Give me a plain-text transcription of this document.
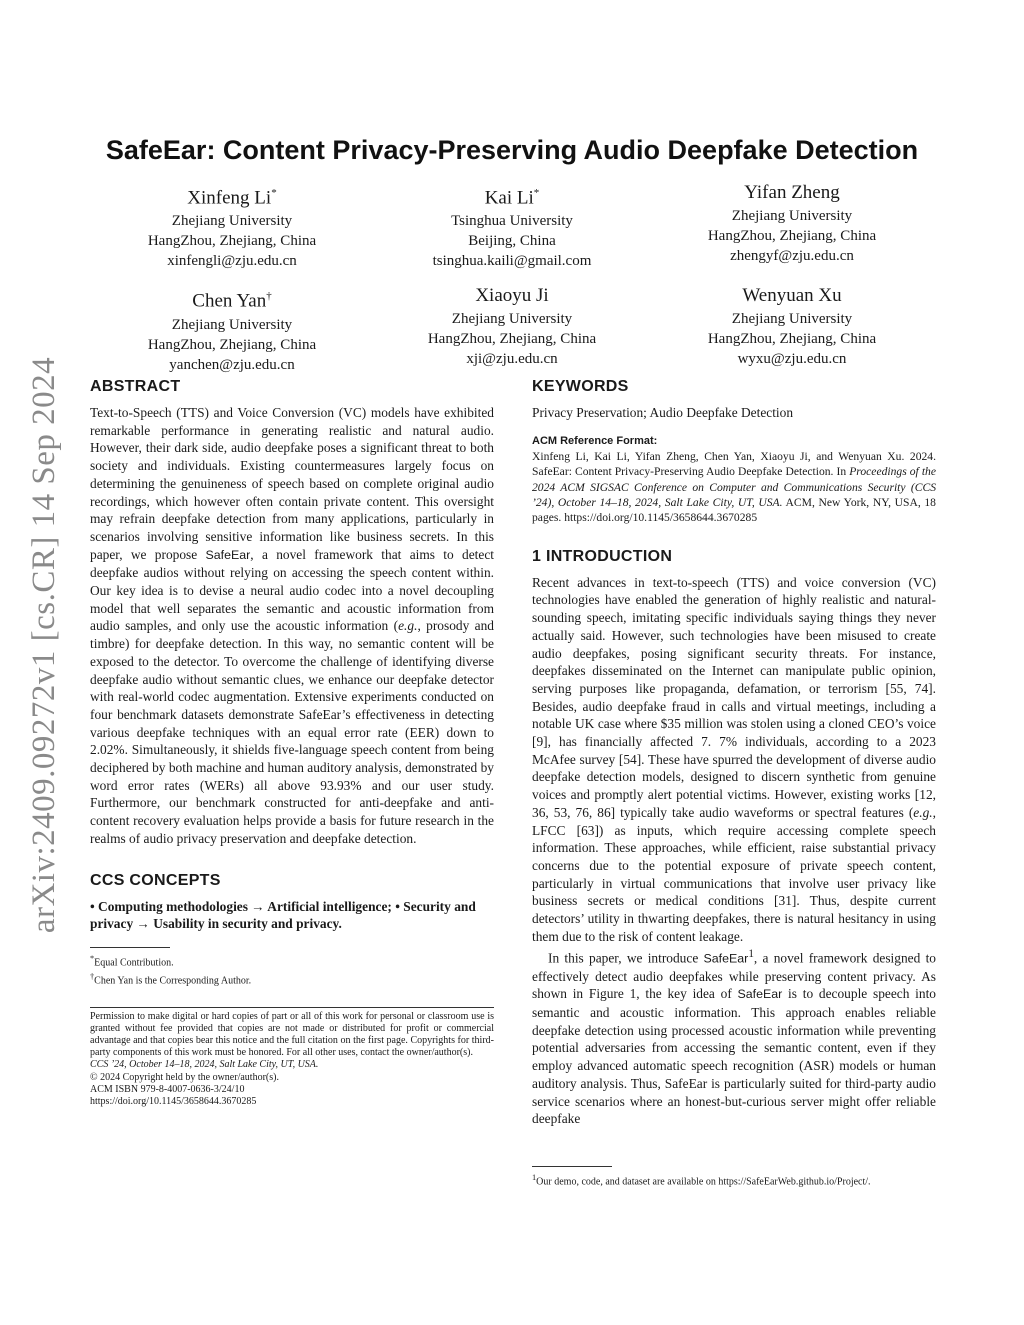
arXiv:2409.09272v1 [cs.CR] 14 Sep 2024
SafeEar: Content Privacy-Preserving Audio Deepfake Detection
Xinfeng Li*
Zhejiang University
HangZhou, Zhejiang, China
xinfengli@zju.edu.cn
Kai Li*
Tsinghua University
Beijing, China
tsinghua.kaili@gmail.com
Yifan Zheng
Zhejiang University
HangZhou, Zhejiang, China
zhengyf@zju.edu.cn
Chen Yan†
Zhejiang University
HangZhou, Zhejiang, China
yanchen@zju.edu.cn
Xiaoyu Ji
Zhejiang University
HangZhou, Zhejiang, China
xji@zju.edu.cn
Wenyuan Xu
Zhejiang University
HangZhou, Zhejiang, China
wyxu@zju.edu.cn
ABSTRACT

Text-to-Speech (TTS) and Voice Conversion (VC) models have exhibited remarkable performance in generating realistic and natural audio. However, their dark side, audio deepfake poses a significant threat to both society and individuals. Existing countermeasures largely focus on determining the genuineness of speech based on complete original audio recordings, which however often contain private content. This oversight may refrain deepfake detection from many applications, particularly in scenarios involving sensitive information like business secrets. In this paper, we propose SafeEar, a novel framework that aims to detect deepfake audios without relying on accessing the speech content within. Our key idea is to devise a neural audio codec into a novel decoupling model that well separates the semantic and acoustic information from audio samples, and only use the acoustic information (e.g., prosody and timbre) for deepfake detection. In this way, no semantic content will be exposed to the detector. To overcome the challenge of identifying diverse deepfake audio without semantic clues, we enhance our deepfake detector with real-world codec augmentation. Extensive experiments conducted on four benchmark datasets demonstrate SafeEar’s effectiveness in detecting various deepfake techniques with an equal error rate (EER) down to 2.02%. Simultaneously, it shields five-language speech content from being deciphered by both machine and human auditory analysis, demonstrated by word error rates (WERs) all above 93.93% and our user study. Furthermore, our benchmark constructed for anti-deepfake and anti-content recovery evaluation helps provide a basis for future research in the realms of audio privacy preservation and deepfake detection.

CCS CONCEPTS

• Computing methodologies → Artificial intelligence; • Security and privacy → Usability in security and privacy.

*Equal Contribution.

†Chen Yan is the Corresponding Author.

Permission to make digital or hard copies of part or all of this work for personal or classroom use is granted without fee provided that copies are not made or distributed for profit or commercial advantage and that copies bear this notice and the full citation on the first page. Copyrights for third-party components of this work must be honored. For all other uses, contact the owner/author(s).

CCS ’24, October 14–18, 2024, Salt Lake City, UT, USA.

© 2024 Copyright held by the owner/author(s).

ACM ISBN 979-8-4007-0636-3/24/10

https://doi.org/10.1145/3658644.3670285

KEYWORDS

Privacy Preservation; Audio Deepfake Detection

ACM Reference Format:

Xinfeng Li, Kai Li, Yifan Zheng, Chen Yan, Xiaoyu Ji, and Wenyuan Xu. 2024. SafeEar: Content Privacy-Preserving Audio Deepfake Detection. In Proceedings of the 2024 ACM SIGSAC Conference on Computer and Communications Security (CCS ’24), October 14–18, 2024, Salt Lake City, UT, USA. ACM, New York, NY, USA, 18 pages. https://doi.org/10.1145/3658644.3670285

1 INTRODUCTION

Recent advances in text-to-speech (TTS) and voice conversion (VC) technologies have enabled the generation of highly realistic and natural-sounding speech, imitating specific individuals saying things they never actually said. However, such technologies have been misused to create audio deepfakes, posing significant security threats. For instance, deepfakes disseminated on the Internet can manipulate public opinion, serving purposes like propaganda, defamation, or terrorism [55, 74]. Besides, audio deepfake fraud in calls and virtual meetings, including a notable UK case where $35 million was stolen using a cloned CEO’s voice [9], has financially affected 7. 7% individuals, according to a 2023 McAfee survey [54]. These have spurred the development of diverse audio deepfake detection models, designed to discern synthetic from genuine voices and promptly alert potential victims. However, existing works [12, 36, 53, 76, 86] typically take audio waveforms or spectral features (e.g., LFCC [63]) as inputs, which require accessing complete speech information. These approaches, while efficient, raise substantial privacy concerns due to the potential exposure of private speech content, particularly in virtual communications that involve user privacy like business secrets or medical conditions [31]. Thus, despite current detectors’ utility in thwarting deepfakes, there is natural hesitancy in using them due to the risk of content leakage.

In this paper, we introduce SafeEar$^1$, a novel framework designed to effectively detect audio deepfakes while preserving content privacy. As shown in Figure 1, the key idea of SafeEar is to decouple speech into semantic and acoustic information. This approach enables reliable deepfake detection using processed acoustic information while preventing potential adversaries from accessing the semantic content, even if they employ advanced automatic speech recognition (ASR) models or human auditory analysis. Thus, SafeEar is particularly suited for third-party audio service scenarios where an honest-but-curious server might offer reliable deepfake

$^1$Our demo, code, and dataset are available on https://SafeEarWeb.github.io/Project/.
